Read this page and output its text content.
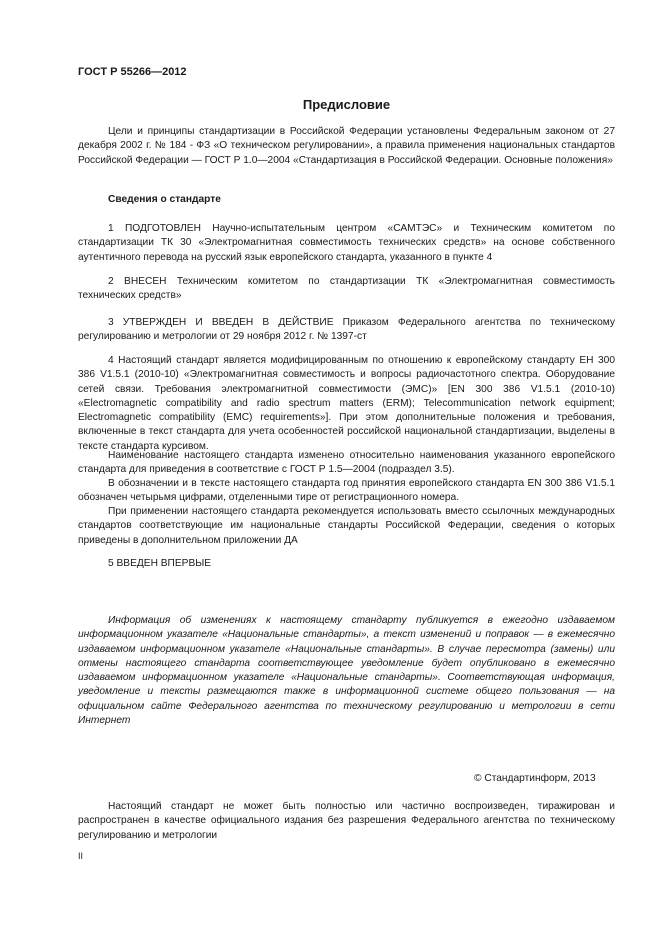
ГОСТ Р 55266—2012
Предисловие
Цели и принципы стандартизации в Российской Федерации установлены Федеральным законом от 27 декабря 2002 г. № 184 - ФЗ «О техническом регулировании», а правила применения национальных стандартов Российской Федерации — ГОСТ Р 1.0—2004 «Стандартизация в Российской Федерации. Основные положения»
Сведения о стандарте
1 ПОДГОТОВЛЕН Научно-испытательным центром «САМТЭС» и Техническим комитетом по стандартизации ТК 30 «Электромагнитная совместимость технических средств» на основе собственного аутентичного перевода на русский язык европейского стандарта, указанного в пункте 4
2 ВНЕСЕН Техническим комитетом по стандартизации ТК «Электромагнитная совместимость технических средств»
3 УТВЕРЖДЕН И ВВЕДЕН В ДЕЙСТВИЕ Приказом Федерального агентства по техническому регулированию и метрологии от 29 ноября 2012 г. № 1397-ст
4 Настоящий стандарт является модифицированным по отношению к европейскому стандарту ЕН 300 386 V1.5.1 (2010-10) «Электромагнитная совместимость и вопросы радиочастотного спектра. Оборудование сетей связи. Требования электромагнитной совместимости (ЭМС)» [EN 300 386 V1.5.1 (2010-10) «Electromagnetic compatibility and radio spectrum matters (ERM); Telecommunication network equipment; Electromagnetic compatibility (EMC) requirements»]. При этом дополнительные положения и требования, включенные в текст стандарта для учета особенностей российской национальной стандартизации, выделены в тексте стандарта курсивом.
Наименование настоящего стандарта изменено относительно наименования указанного европейского стандарта для приведения в соответствие с ГОСТ Р 1.5—2004 (подраздел 3.5).
В обозначении и в тексте настоящего стандарта год принятия европейского стандарта EN 300 386 V1.5.1 обозначен четырьмя цифрами, отделенными тире от регистрационного номера.
При применении настоящего стандарта рекомендуется использовать вместо ссылочных международных стандартов соответствующие им национальные стандарты Российской Федерации, сведения о которых приведены в дополнительном приложении ДА
5 ВВЕДЕН ВПЕРВЫЕ
Информация об изменениях к настоящему стандарту публикуется в ежегодно издаваемом информационном указателе «Национальные стандарты», а текст изменений и поправок — в ежемесячно издаваемом информационном указателе «Национальные стандарты». В случае пересмотра (замены) или отмены настоящего стандарта соответствующее уведомление будет опубликовано в ежемесячно издаваемом информационном указателе «Национальные стандарты». Соответствующая информация, уведомление и тексты размещаются также в информационной системе общего пользования — на официальном сайте Федерального агентства по техническому регулированию и метрологии в сети Интернет
© Стандартинформ, 2013
Настоящий стандарт не может быть полностью или частично воспроизведен, тиражирован и распространен в качестве официального издания без разрешения Федерального агентства по техническому регулированию и метрологии
II
